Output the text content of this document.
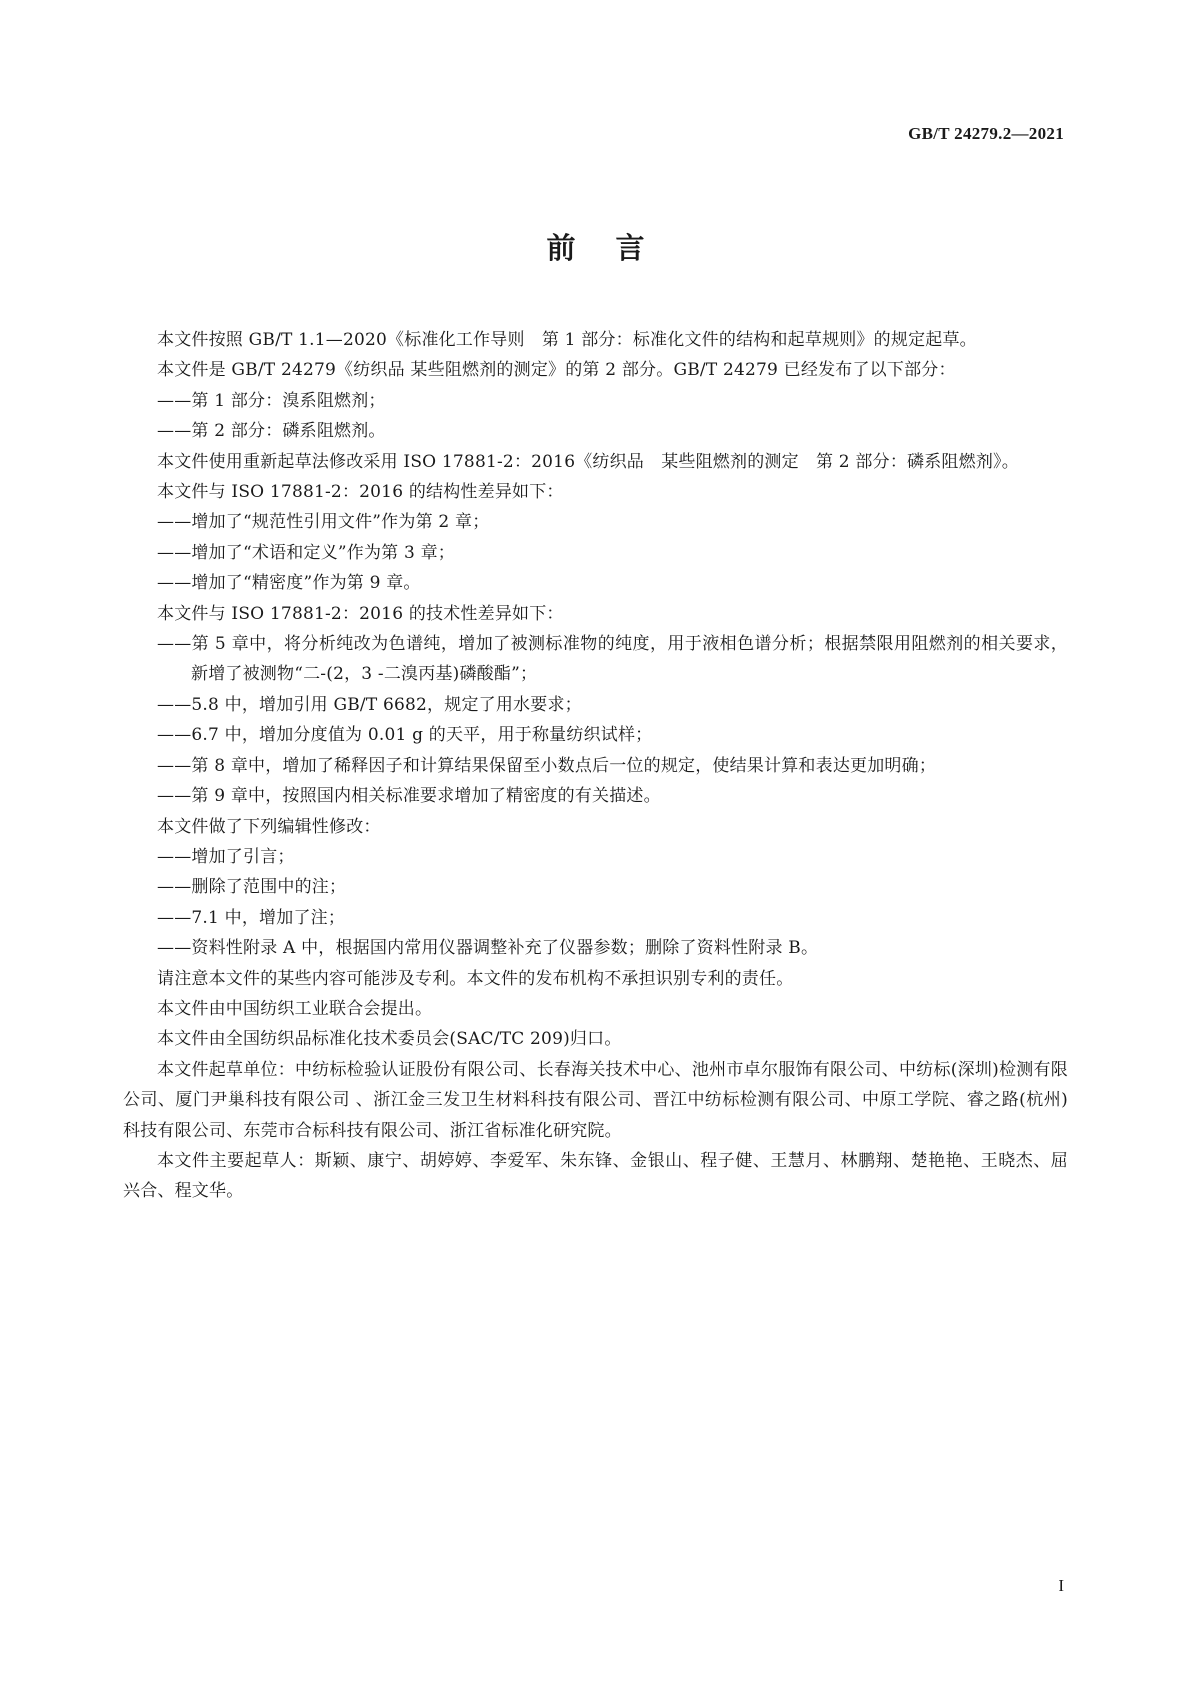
GB/T 24279.2—2021
前言

本文件按照 GB/T 1.1—2020《标准化工作导则　第 1 部分：标准化文件的结构和起草规则》的规定起草。

本文件是 GB/T 24279《纺织品 某些阻燃剂的测定》的第 2 部分。GB/T 24279 已经发布了以下部分：

——第 1 部分：溴系阻燃剂；

——第 2 部分：磷系阻燃剂。

本文件使用重新起草法修改采用 ISO 17881-2：2016《纺织品　某些阻燃剂的测定　第 2 部分：磷系阻燃剂》。

本文件与 ISO 17881-2：2016 的结构性差异如下：

——增加了“规范性引用文件”作为第 2 章；

——增加了“术语和定义”作为第 3 章；

——增加了“精密度”作为第 9 章。

本文件与 ISO 17881-2：2016 的技术性差异如下：

——第 5 章中，将分析纯改为色谱纯，增加了被测标准物的纯度，用于液相色谱分析；根据禁限用阻燃剂的相关要求，新增了被测物“二-(2，3 -二溴丙基)磷酸酯”；

——5.8 中，增加引用 GB/T 6682，规定了用水要求；

——6.7 中，增加分度值为 0.01 g 的天平，用于称量纺织试样；

——第 8 章中，增加了稀释因子和计算结果保留至小数点后一位的规定，使结果计算和表达更加明确；

——第 9 章中，按照国内相关标准要求增加了精密度的有关描述。

本文件做了下列编辑性修改：

——增加了引言；

——删除了范围中的注；

——7.1 中，增加了注；

——资料性附录 A 中，根据国内常用仪器调整补充了仪器参数；删除了资料性附录 B。

请注意本文件的某些内容可能涉及专利。本文件的发布机构不承担识别专利的责任。

本文件由中国纺织工业联合会提出。

本文件由全国纺织品标准化技术委员会(SAC/TC 209)归口。

本文件起草单位：中纺标检验认证股份有限公司、长春海关技术中心、池州市卓尔服饰有限公司、中纺标(深圳)检测有限公司、厦门尹巢科技有限公司 、浙江金三发卫生材料科技有限公司、晋江中纺标检测有限公司、中原工学院、睿之路(杭州)科技有限公司、东莞市合标科技有限公司、浙江省标准化研究院。

本文件主要起草人：斯颖、康宁、胡婷婷、李爱军、朱东锋、金银山、程子健、王慧月、林鹏翔、楚艳艳、王晓杰、屈兴合、程文华。

I
